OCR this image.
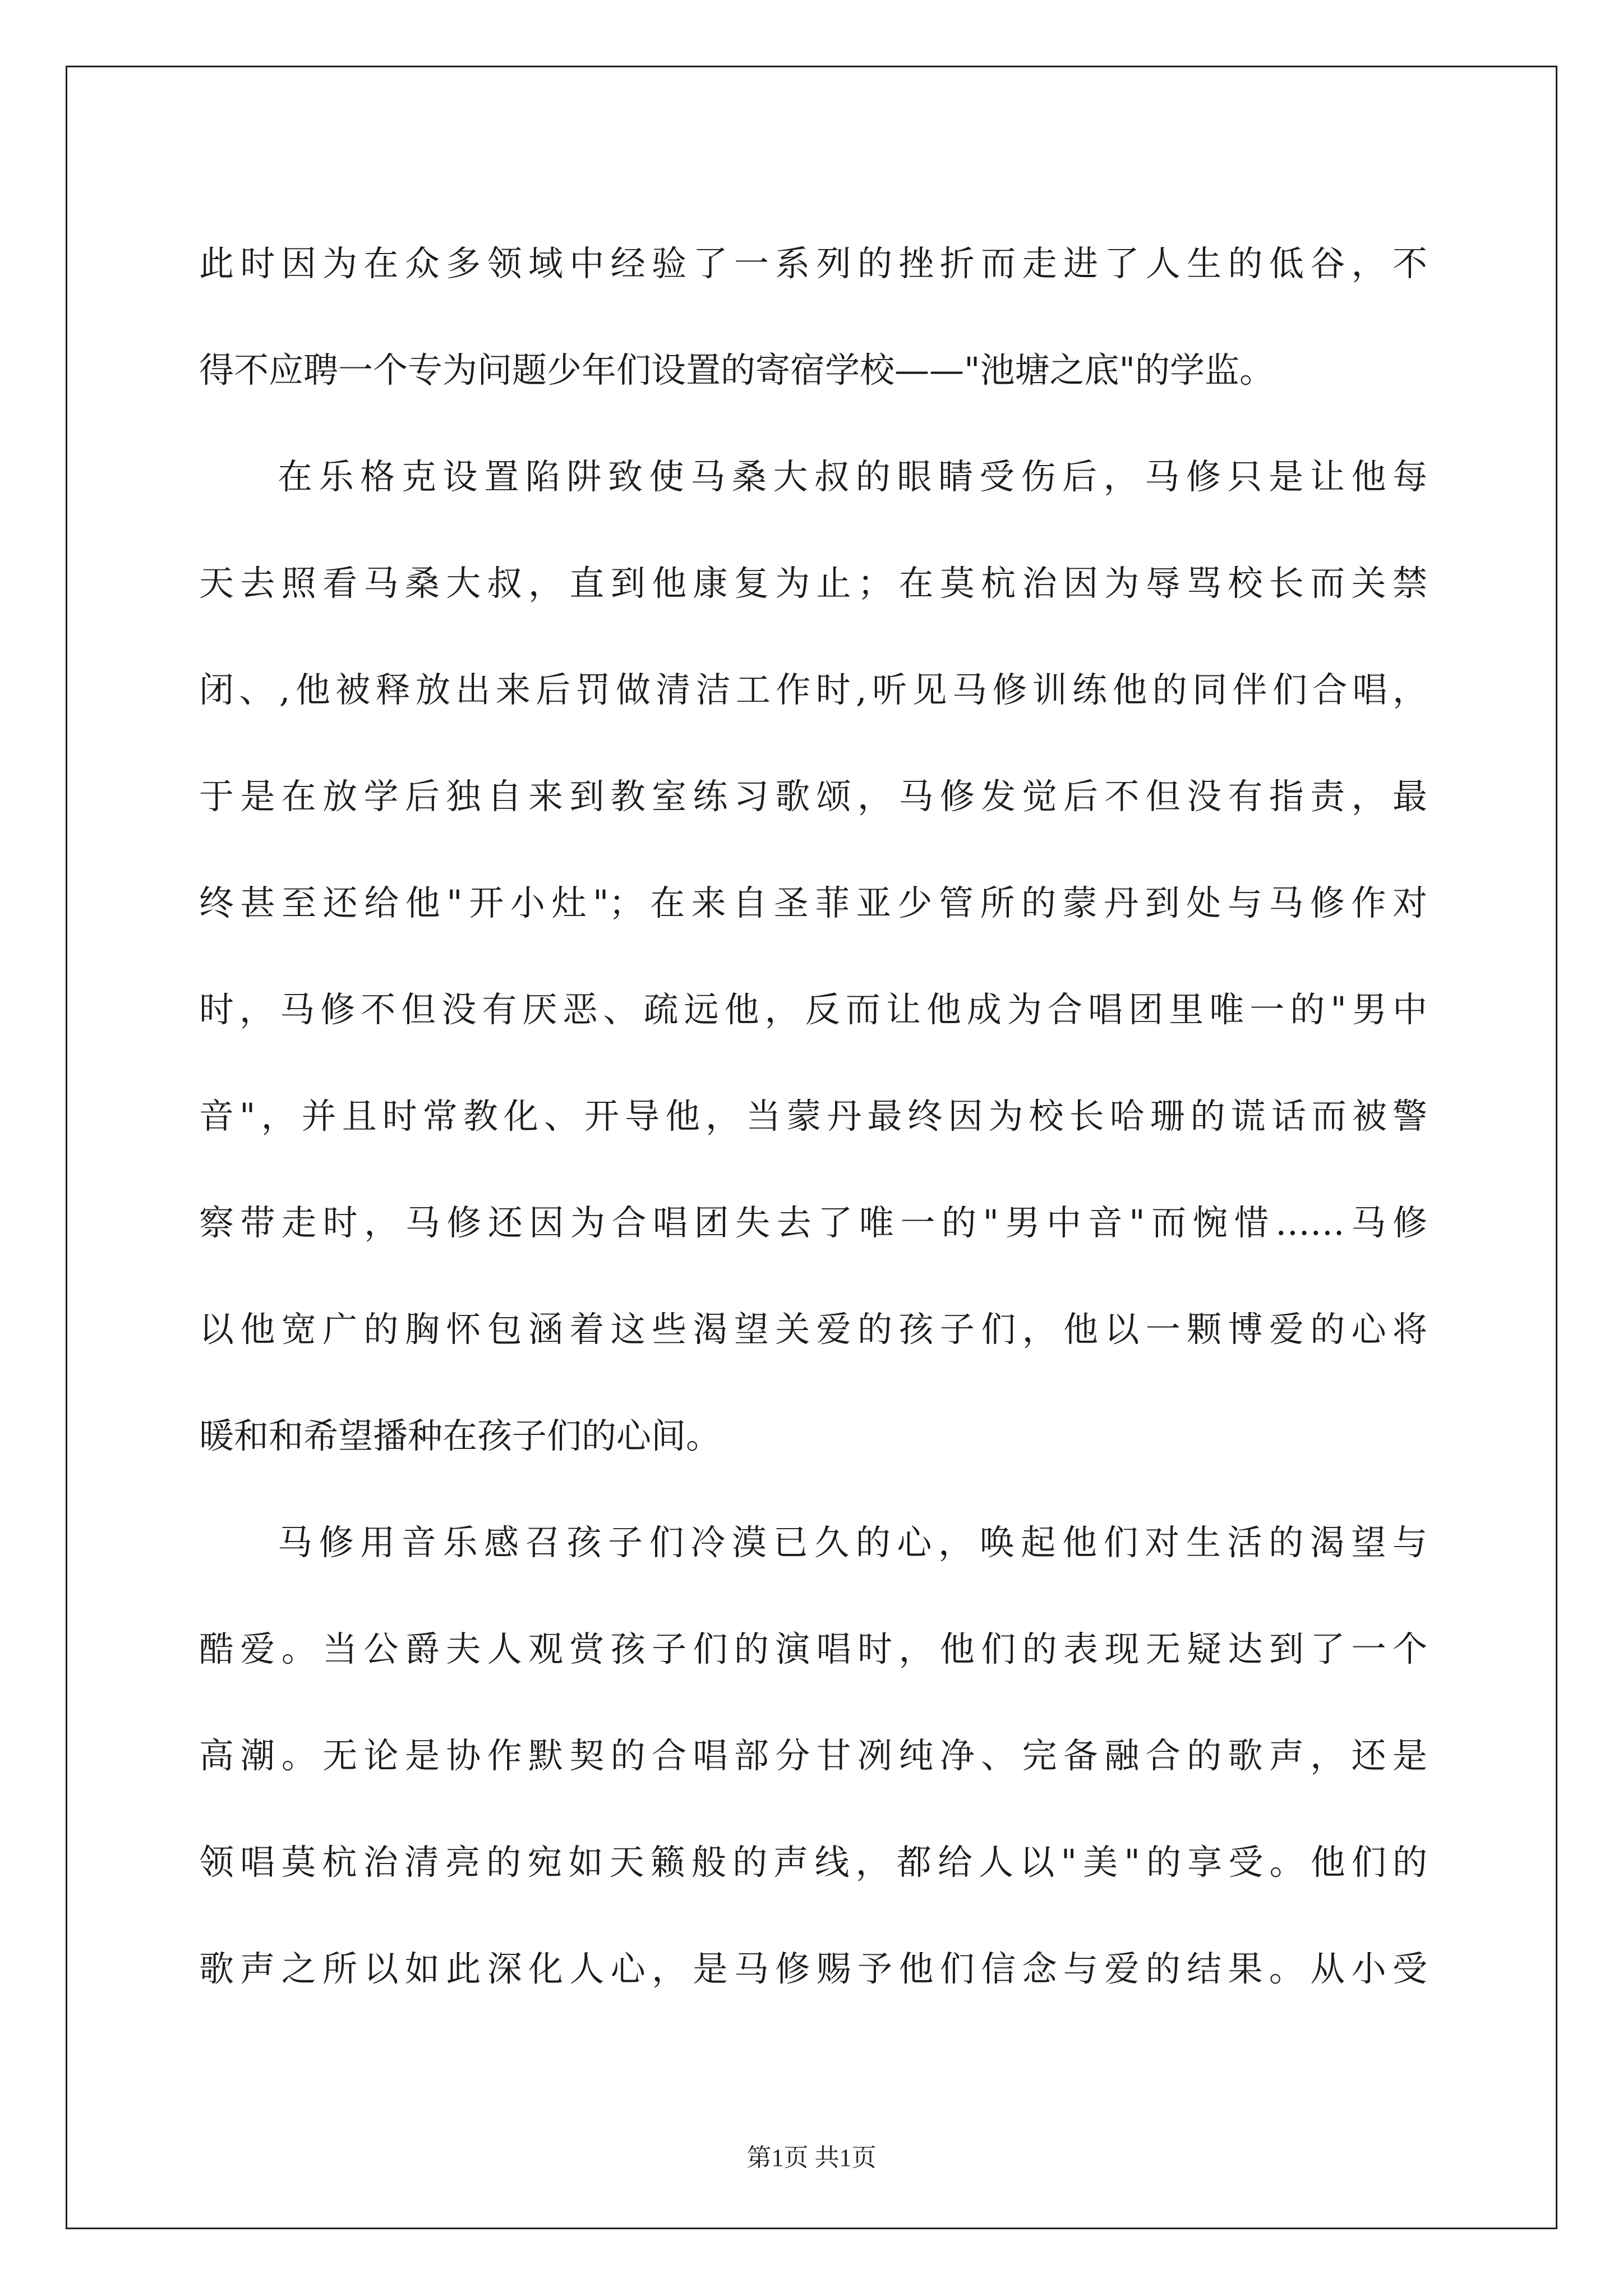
此时因为在众多领域中经验了一系列的挫折而走进了人生的低谷，不
得不应聘一个专为问题少年们设置的寄宿学校——"池塘之底"的学监。
在乐格克设置陷阱致使马桑大叔的眼睛受伤后，马修只是让他每
天去照看马桑大叔，直到他康复为止；在莫杭治因为辱骂校长而关禁
闭、,他被释放出来后罚做清洁工作时,听见马修训练他的同伴们合唱，
于是在放学后独自来到教室练习歌颂，马修发觉后不但没有指责，最
终甚至还给他"开小灶"；在来自圣菲亚少管所的蒙丹到处与马修作对
时，马修不但没有厌恶、疏远他，反而让他成为合唱团里唯一的"男中
音"，并且时常教化、开导他，当蒙丹最终因为校长哈珊的谎话而被警
察带走时，马修还因为合唱团失去了唯一的"男中音"而惋惜……马修
以他宽广的胸怀包涵着这些渴望关爱的孩子们，他以一颗博爱的心将
暖和和希望播种在孩子们的心间。
马修用音乐感召孩子们冷漠已久的心，唤起他们对生活的渴望与
酷爱。当公爵夫人观赏孩子们的演唱时，他们的表现无疑达到了一个
高潮。无论是协作默契的合唱部分甘冽纯净、完备融合的歌声，还是
领唱莫杭治清亮的宛如天籁般的声线，都给人以"美"的享受。他们的
歌声之所以如此深化人心，是马修赐予他们信念与爱的结果。从小受
第1页 共1页
